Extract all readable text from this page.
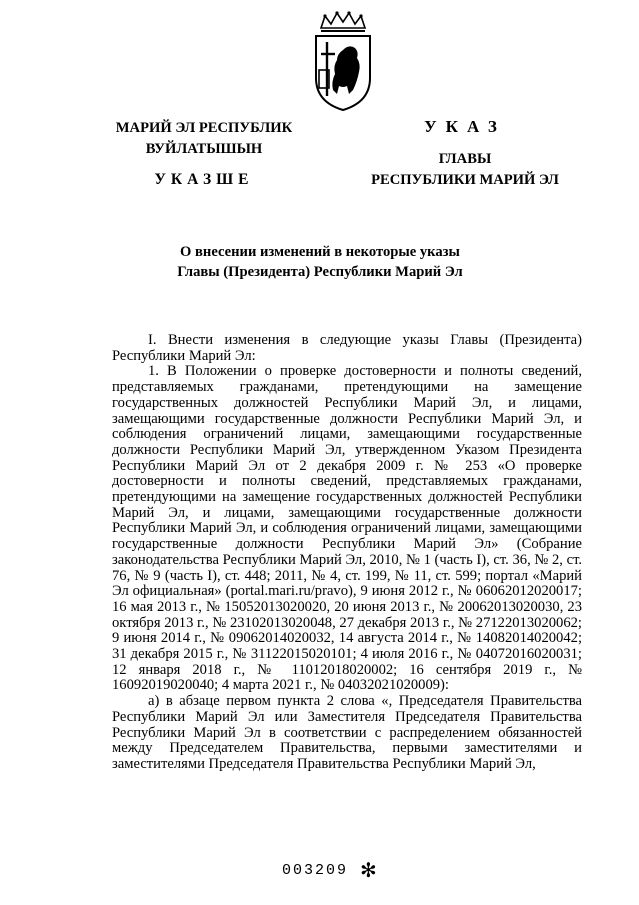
МАРИЙ ЭЛ РЕСПУБЛИК
ВУЙЛАТЫШЫН
УКАЗШЕ
УКАЗ
ГЛАВЫ
РЕСПУБЛИКИ МАРИЙ ЭЛ
О внесении изменений в некоторые указы
Главы (Президента) Республики Марий Эл

I. Внести изменения в следующие указы Главы (Президента) Республики Марий Эл:

1. В Положении о проверке достоверности и полноты сведений, представляемых гражданами, претендующими на замещение государственных должностей Республики Марий Эл, и лицами, замещающими государственные должности Республики Марий Эл, и соблюдения ограничений лицами, замещающими государственные должности Республики Марий Эл, утвержденном Указом Президента Республики Марий Эл от 2 декабря 2009 г. № 253 «О проверке достоверности и полноты сведений, представляемых гражданами, претендующими на замещение государственных должностей Республики Марий Эл, и лицами, замещающими государственные должности Республики Марий Эл, и соблюдения ограничений лицами, замещающими государственные должности Республики Марий Эл» (Собрание законодательства Республики Марий Эл, 2010, № 1 (часть I), ст. 36, № 2, ст. 76, № 9 (часть I), ст. 448; 2011, № 4, ст. 199, № 11, ст. 599; портал «Марий Эл официальная» (portal.mari.ru/pravo), 9 июня 2012 г., № 06062012020017; 16 мая 2013 г., № 15052013020020, 20 июня 2013 г., № 20062013020030, 23 октября 2013 г., № 23102013020048, 27 декабря 2013 г., № 27122013020062; 9 июня 2014 г., № 09062014020032, 14 августа 2014 г., № 14082014020042; 31 декабря 2015 г., № 31122015020101; 4 июля 2016 г., № 04072016020031; 12 января 2018 г., № 11012018020002; 16 сентября 2019 г., № 16092019020040; 4 марта 2021 г., № 04032021020009):

а) в абзаце первом пункта 2 слова «, Председателя Правительства Республики Марий Эл или Заместителя Председателя Правительства Республики Марий Эл в соответствии с распределением обязанностей между Председателем Правительства, первыми заместителями и заместителями Председателя Правительства Республики Марий Эл,

003209 ✻
